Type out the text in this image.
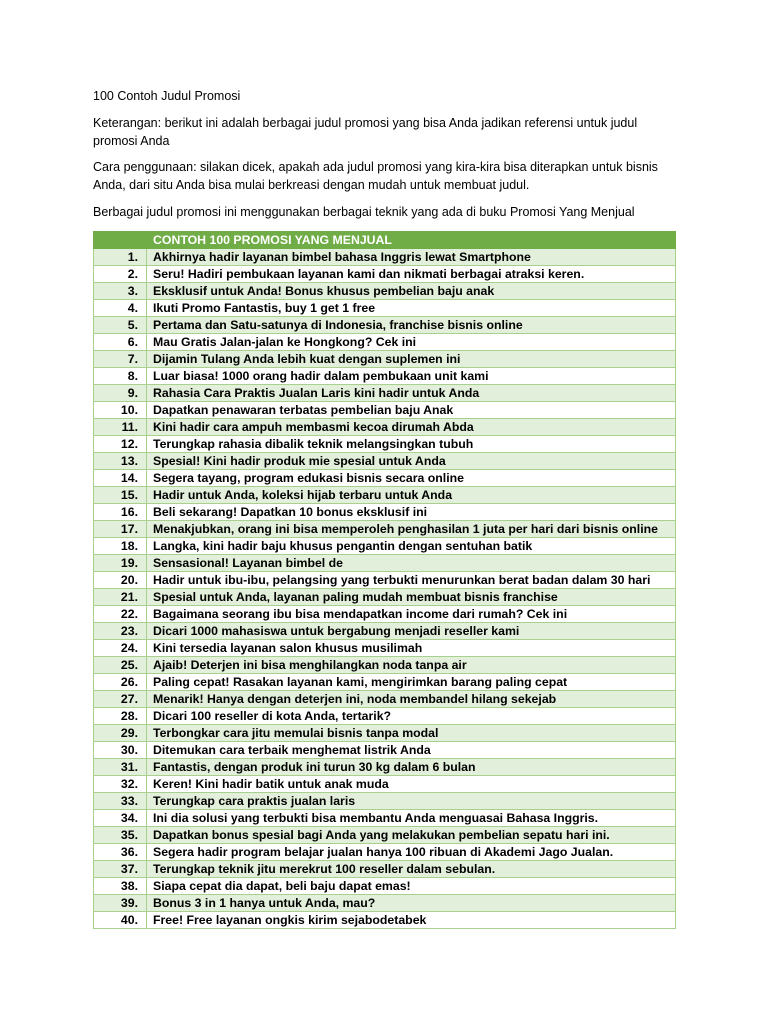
100 Contoh Judul Promosi
Keterangan: berikut ini adalah berbagai judul promosi yang bisa Anda jadikan referensi untuk judul promosi Anda
Cara penggunaan: silakan dicek, apakah ada judul promosi yang kira-kira bisa diterapkan untuk bisnis Anda, dari situ Anda bisa mulai berkreasi dengan mudah untuk membuat judul.
Berbagai judul promosi ini menggunakan berbagai teknik yang ada di buku Promosi Yang Menjual
	CONTOH 100 PROMOSI YANG MENJUAL
1.	Akhirnya hadir layanan bimbel bahasa Inggris lewat Smartphone
2.	Seru! Hadiri pembukaan layanan kami dan nikmati berbagai atraksi keren.
3.	Eksklusif untuk Anda! Bonus khusus pembelian baju anak
4.	Ikuti Promo Fantastis, buy 1 get 1 free
5.	Pertama dan Satu-satunya di Indonesia, franchise bisnis online
6.	Mau Gratis Jalan-jalan ke Hongkong? Cek ini
7.	Dijamin Tulang Anda lebih kuat dengan suplemen ini
8.	Luar biasa! 1000 orang hadir dalam pembukaan unit kami
9.	Rahasia Cara Praktis Jualan Laris kini hadir untuk Anda
10.	Dapatkan penawaran terbatas pembelian baju Anak
11.	Kini hadir cara ampuh membasmi kecoa dirumah Abda
12.	Terungkap rahasia dibalik teknik melangsingkan tubuh
13.	Spesial! Kini hadir produk mie spesial untuk Anda
14.	Segera tayang, program edukasi bisnis secara online
15.	Hadir untuk Anda, koleksi hijab terbaru untuk Anda
16.	Beli sekarang! Dapatkan 10 bonus eksklusif ini
17.	Menakjubkan, orang ini bisa memperoleh penghasilan 1 juta per hari dari bisnis online
18.	Langka, kini hadir baju khusus pengantin dengan sentuhan batik
19.	Sensasional! Layanan bimbel de
20.	Hadir untuk ibu-ibu, pelangsing yang terbukti menurunkan berat badan dalam 30 hari
21.	Spesial untuk Anda, layanan paling mudah membuat bisnis franchise
22.	Bagaimana seorang ibu bisa mendapatkan income dari rumah? Cek ini
23.	Dicari 1000 mahasiswa untuk bergabung menjadi reseller kami
24.	Kini tersedia layanan salon khusus musilimah
25.	Ajaib! Deterjen ini bisa menghilangkan noda tanpa air
26.	Paling cepat! Rasakan layanan kami, mengirimkan barang paling cepat
27.	Menarik! Hanya dengan deterjen ini, noda membandel hilang sekejab
28.	Dicari 100 reseller di kota Anda, tertarik?
29.	Terbongkar cara jitu memulai bisnis tanpa modal
30.	Ditemukan cara terbaik menghemat listrik Anda
31.	Fantastis, dengan produk ini turun 30 kg dalam 6 bulan
32.	Keren! Kini hadir batik untuk anak muda
33.	Terungkap cara praktis jualan laris
34.	Ini dia solusi yang terbukti bisa membantu Anda menguasai Bahasa Inggris.
35.	Dapatkan bonus spesial bagi Anda yang melakukan pembelian sepatu hari ini.
36.	Segera hadir program belajar jualan hanya 100 ribuan di Akademi Jago Jualan.
37.	Terungkap teknik jitu merekrut 100 reseller dalam sebulan.
38.	Siapa cepat dia dapat, beli baju dapat emas!
39.	Bonus 3 in 1 hanya untuk Anda, mau?
40.	Free! Free layanan ongkis kirim sejabodetabek
